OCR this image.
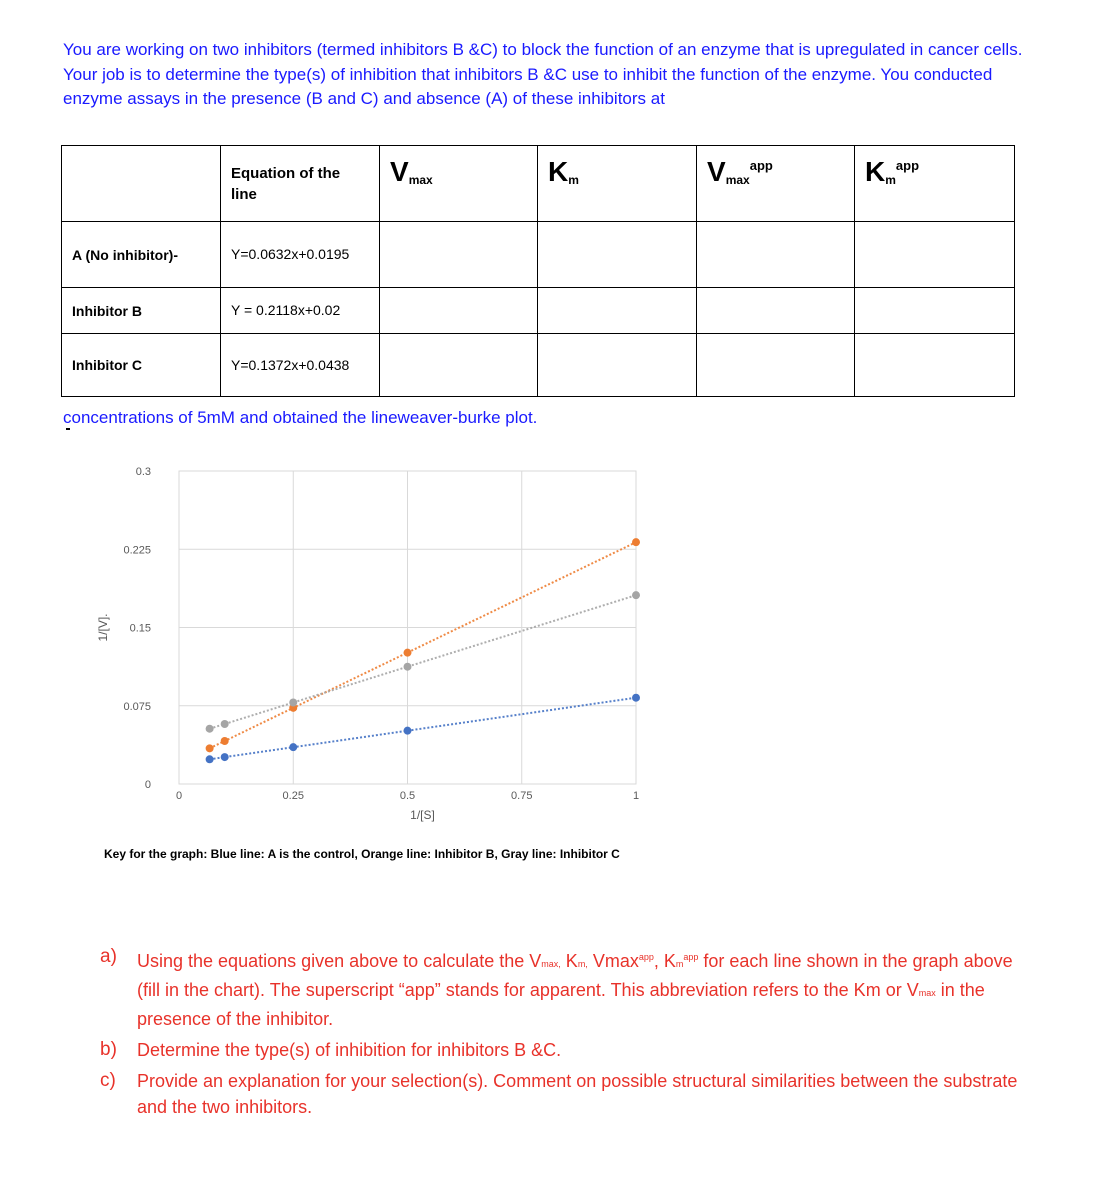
You are working on two inhibitors (termed inhibitors B &C) to block the function of an enzyme that is upregulated in cancer cells. Your job is to determine the type(s) of inhibition that inhibitors B &C use to inhibit the function of the enzyme. You conducted enzyme assays in the presence (B and C) and absence (A) of these inhibitors at

	Equation of the line	$V_{max}$	$K_m$	$V_{max}^{app}$	$K_m^{app}$
A (No inhibitor)-	Y=0.0632x+0.0195				
Inhibitor B	Y = 0.2118x+0.02				
Inhibitor C	Y=0.1372x+0.0438				

concentrations of 5mM and obtained the lineweaver-burke plot.

0	0.25	0.5	0.75	1
0
0.075
0.15
0.225
0.3
1/[S]
1/[V].

Key for the graph: Blue line: A is the control, Orange line: Inhibitor B, Gray line: Inhibitor C

a) Using the equations given above to calculate the Vmax, Km, Vmax$^{app}$, $Km^{app}$ for each line shown in the graph above (fill in the chart). The superscript “app” stands for apparent. This abbreviation refers to the Km or Vmax in the presence of the inhibitor.
b) Determine the type(s) of inhibition for inhibitors B &C.
c) Provide an explanation for your selection(s). Comment on possible structural similarities between the substrate and the two inhibitors.
